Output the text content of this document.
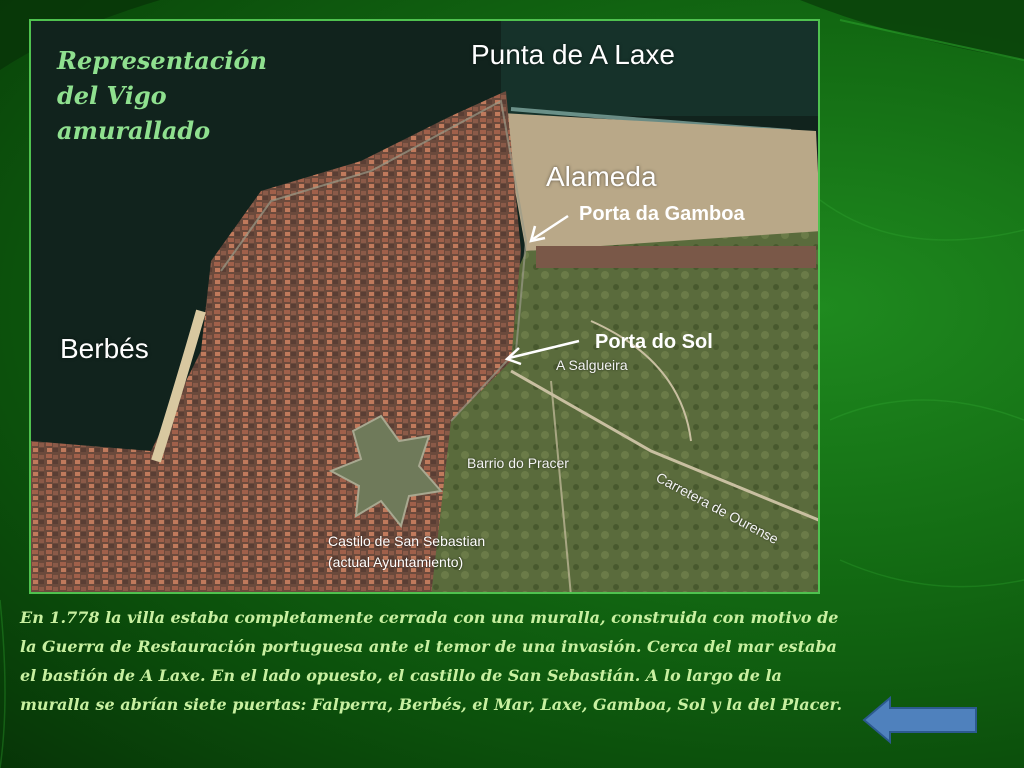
Representación del Vigo amurallado
Punta de A Laxe
Alameda
Berbés
A Salgueira
Barrio do Pracer
Carretera de Ourense
Castilo de San Sebastian
(actual Ayuntamiento)
Porta da Gamboa
Porta do Sol
En 1.778 la villa estaba completamente cerrada con una muralla, construida con motivo de la Guerra de Restauración portuguesa ante el temor de una invasión. Cerca del mar estaba el bastión de A Laxe. En el lado opuesto, el castillo de San Sebastián. A lo largo de la muralla se abrían siete puertas: Falperra, Berbés, el Mar, Laxe, Gamboa, Sol y la del Placer.
